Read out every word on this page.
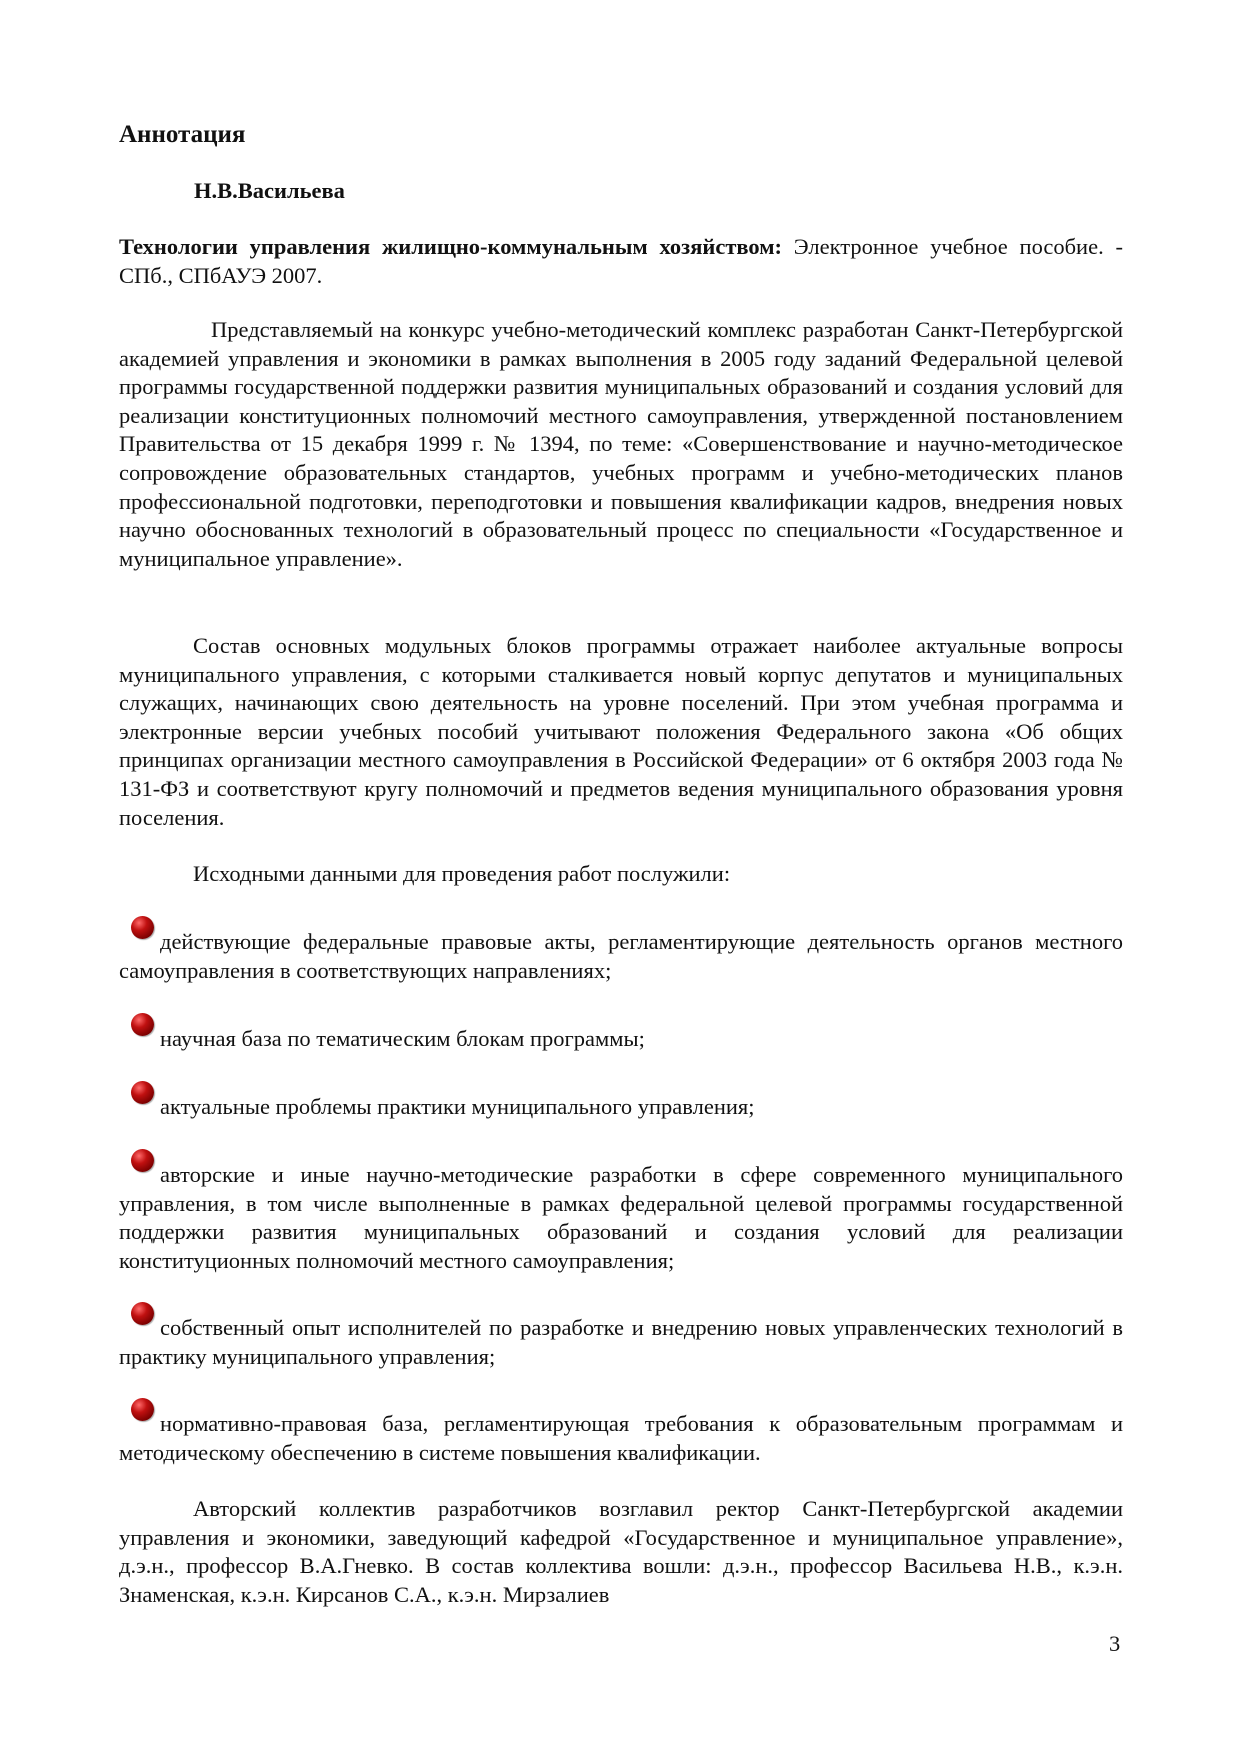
Аннотация
Н.В.Васильева

Технологии управления жилищно-коммунальным хозяйством: Электронное учебное пособие. - СПб., СПбАУЭ 2007.

Представляемый на конкурс учебно-методический комплекс разработан Санкт-Петербургской академией управления и экономики в рамках выполнения в 2005 году заданий Федеральной целевой программы государственной поддержки развития муниципальных образований и создания условий для реализации конституционных полномочий местного самоуправления, утвержденной постановлением Правительства от 15 декабря 1999 г. № 1394, по теме: «Совершенствование и научно-методическое сопровождение образовательных стандартов, учебных программ и учебно-методических планов профессиональной подготовки, переподготовки и повышения квалификации кадров, внедрения новых научно обоснованных технологий в образовательный процесс по специальности «Государственное и муниципальное управление».

Состав основных модульных блоков программы отражает наиболее актуальные вопросы муниципального управления, с которыми сталкивается новый корпус депутатов и муниципальных служащих, начинающих свою деятельность на уровне поселений. При этом учебная программа и электронные версии учебных пособий учитывают положения Федерального закона «Об общих принципах организации местного самоуправления в Российской Федерации» от 6 октября 2003 года № 131-ФЗ и соответствуют кругу полномочий и предметов ведения муниципального образования уровня поселения.

Исходными данными для проведения работ послужили:

действующие федеральные правовые акты, регламентирующие деятельность органов местного самоуправления в соответствующих направлениях;

научная база по тематическим блокам программы;

актуальные проблемы практики муниципального управления;

авторские и иные научно-методические разработки в сфере современного муниципального управления, в том числе выполненные в рамках федеральной целевой программы государственной поддержки развития муниципальных образований и создания условий для реализации конституционных полномочий местного самоуправления;

собственный опыт исполнителей по разработке и внедрению новых управленческих технологий в практику муниципального управления;

нормативно-правовая база, регламентирующая требования к образовательным программам и методическому обеспечению в системе повышения квалификации.

Авторский коллектив разработчиков возглавил ректор Санкт-Петербургской академии управления и экономики, заведующий кафедрой «Государственное и муниципальное управление», д.э.н., профессор В.А.Гневко. В состав коллектива вошли: д.э.н., профессор Васильева Н.В., к.э.н. Знаменская, к.э.н. Кирсанов С.А., к.э.н. Мирзалиев

3
